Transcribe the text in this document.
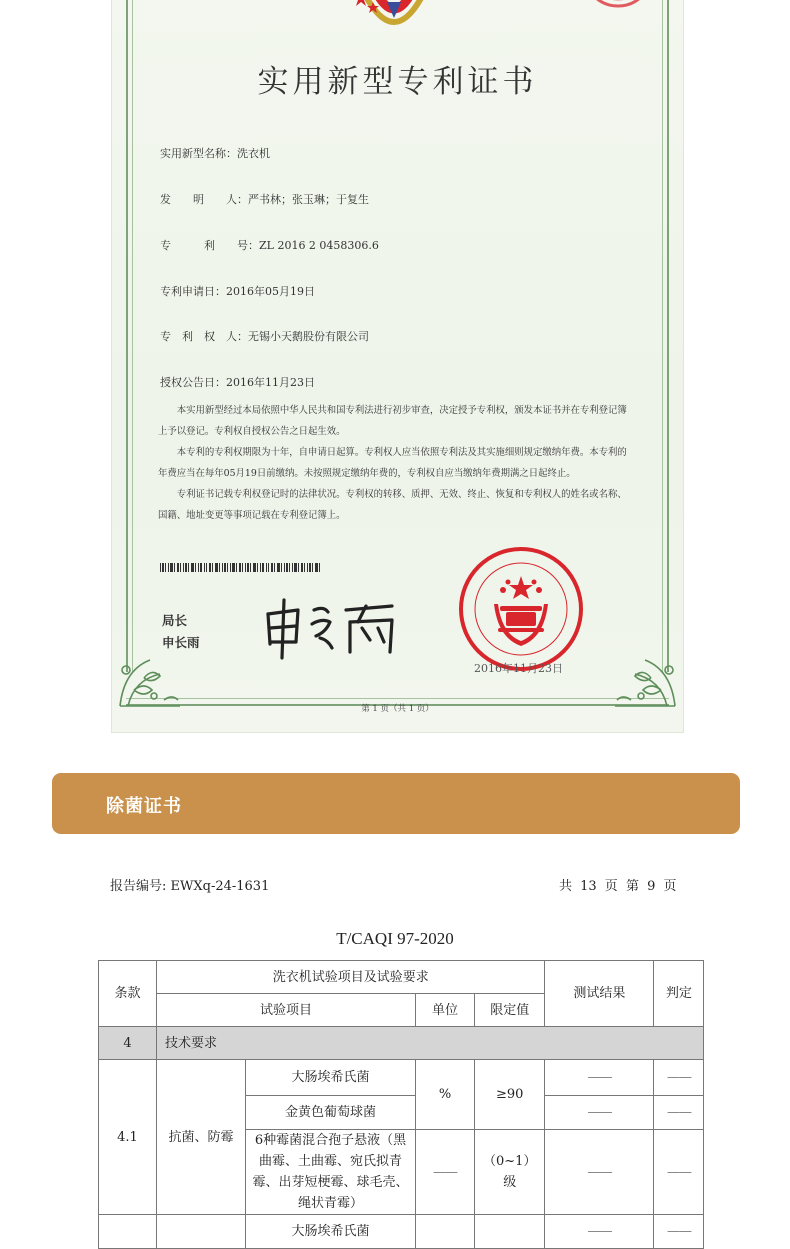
实用新型专利证书
实用新型名称：洗衣机
发　　明　　人：严书林；张玉琳；于复生
专　　　利　　号：ZL 2016 2 0458306.6
专利申请日：2016年05月19日
专　利　权　人：无锡小天鹅股份有限公司
授权公告日：2016年11月23日

本实用新型经过本局依照中华人民共和国专利法进行初步审查，决定授予专利权，颁发本证书并在专利登记簿上予以登记。专利权自授权公告之日起生效。

本专利的专利权期限为十年，自申请日起算。专利权人应当依照专利法及其实施细则规定缴纳年费。本专利的年费应当在每年05月19日前缴纳。未按照规定缴纳年费的，专利权自应当缴纳年费期满之日起终止。

专利证书记载专利权登记时的法律状况。专利权的转移、质押、无效、终止、恢复和专利权人的姓名或名称、国籍、地址变更等事项记载在专利登记簿上。

局长
申长雨
2016年11月23日
第 1 页（共 1 页）
除菌证书
报告编号: EWXq-24-1631	共 13 页 第 9 页
T/CAQI 97-2020
条款	洗衣机试验项目及试验要求				测试结果	判定
	试验项目		单位	限定值		
4	技术要求					
4.1	抗菌、防霉	大肠埃希氏菌	%	≥90	——	——
		金黄色葡萄球菌			——	——
		6种霉菌混合孢子悬液（黑曲霉、土曲霉、宛氏拟青霉、出芽短梗霉、球毛壳、绳状青霉）	——	（0~1）级	——	——
		大肠埃希氏菌			——	——
